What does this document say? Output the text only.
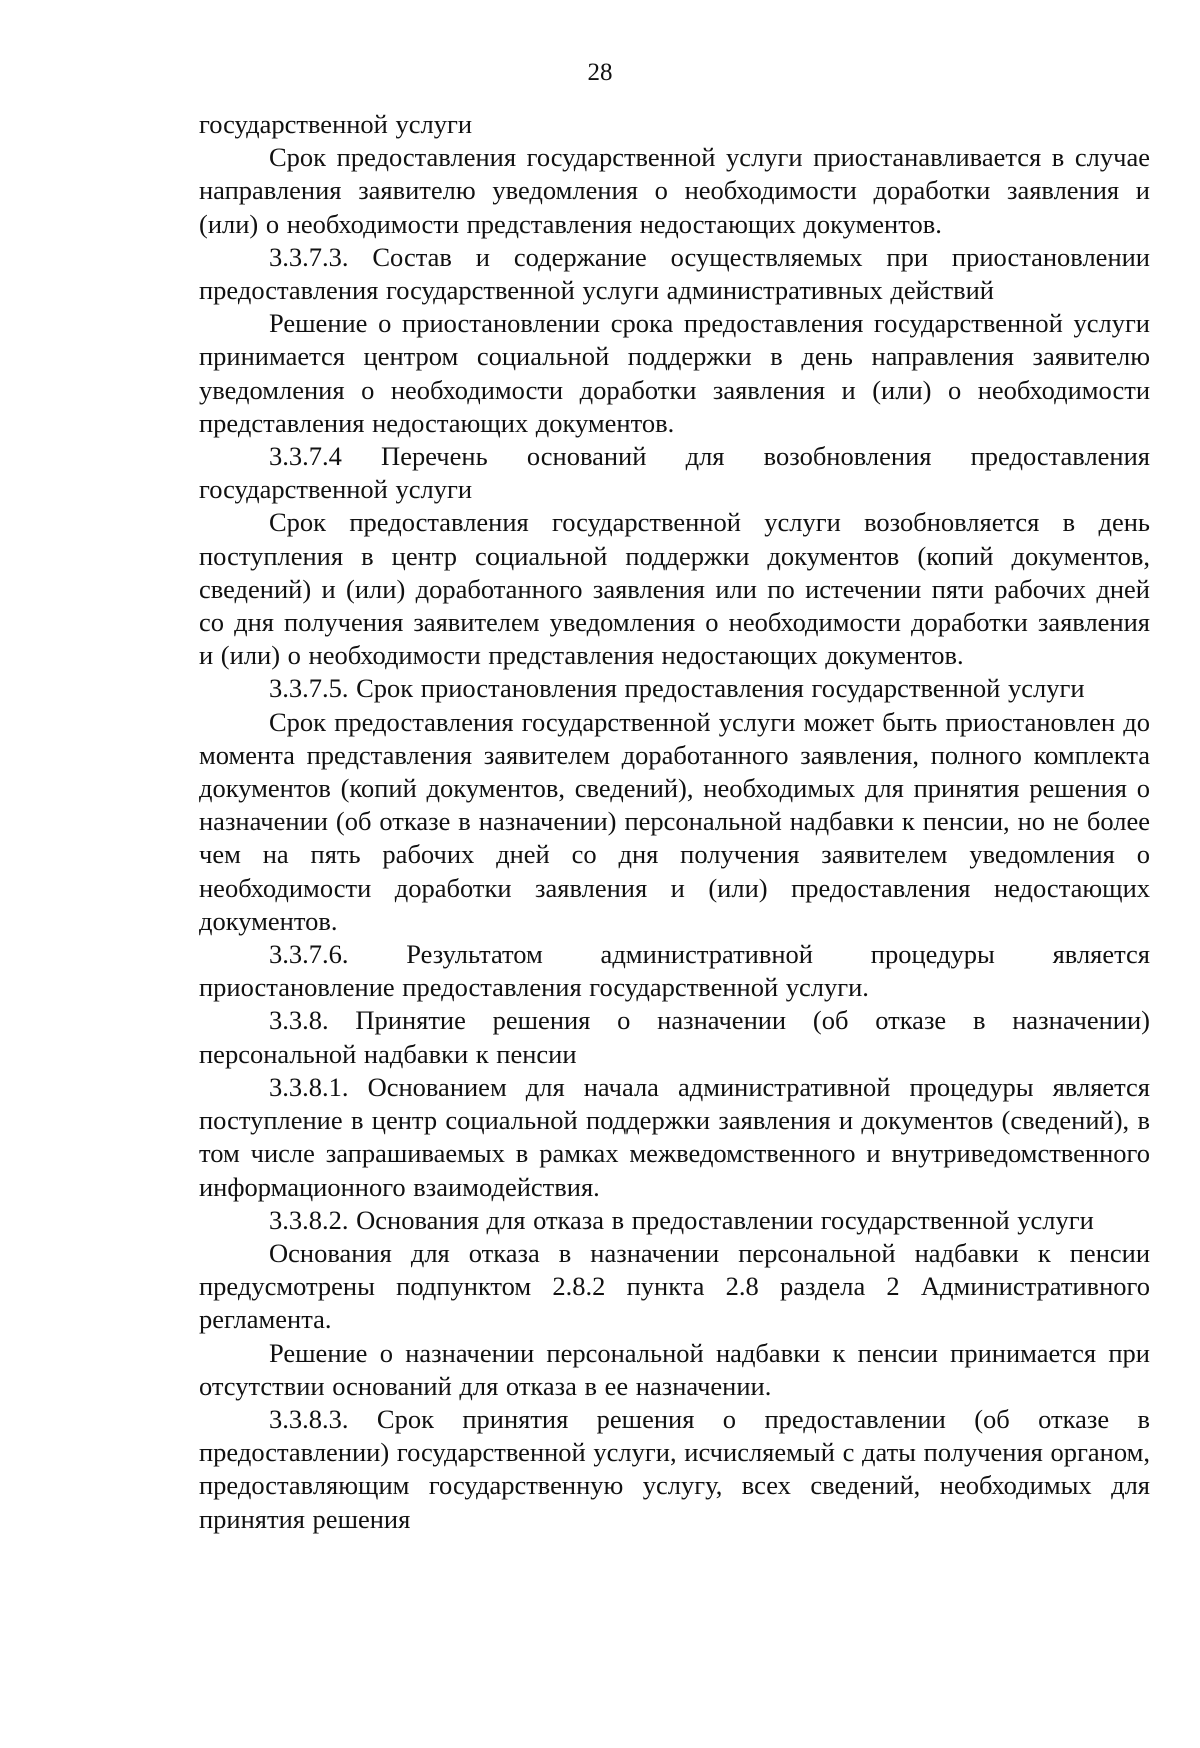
28

государственной услуги

Срок предоставления государственной услуги приостанавливается в случае направления заявителю уведомления о необходимости доработки заявления и (или) о необходимости представления недостающих документов.

3.3.7.3. Состав и содержание осуществляемых при приостановлении предоставления государственной услуги административных действий

Решение о приостановлении срока предоставления государственной услуги принимается центром социальной поддержки в день направления заявителю уведомления о необходимости доработки заявления и (или) о необходимости представления недостающих документов.

3.3.7.4 Перечень оснований для возобновления предоставления государственной услуги

Срок предоставления государственной услуги возобновляется в день поступления в центр социальной поддержки документов (копий документов, сведений) и (или) доработанного заявления или по истечении пяти рабочих дней со дня получения заявителем уведомления о необходимости доработки заявления и (или) о необходимости представления недостающих документов.

3.3.7.5. Срок приостановления предоставления государственной услуги

Срок предоставления государственной услуги может быть приостановлен до момента представления заявителем доработанного заявления, полного комплекта документов (копий документов, сведений), необходимых для принятия решения о назначении (об отказе в назначении) персональной надбавки к пенсии, но не более чем на пять рабочих дней со дня получения заявителем уведомления о необходимости доработки заявления и (или) предоставления недостающих документов.

3.3.7.6. Результатом административной процедуры является приостановление предоставления государственной услуги.

3.3.8. Принятие решения о назначении (об отказе в назначении) персональной надбавки к пенсии

3.3.8.1. Основанием для начала административной процедуры является поступление в центр социальной поддержки заявления и документов (сведений), в том числе запрашиваемых в рамках межведомственного и внутриведомственного информационного взаимодействия.

3.3.8.2. Основания для отказа в предоставлении государственной услуги

Основания для отказа в назначении персональной надбавки к пенсии предусмотрены подпунктом 2.8.2 пункта 2.8 раздела 2 Административного регламента.

Решение о назначении персональной надбавки к пенсии принимается при отсутствии оснований для отказа в ее назначении.

3.3.8.3. Срок принятия решения о предоставлении (об отказе в предоставлении) государственной услуги, исчисляемый с даты получения органом, предоставляющим государственную услугу, всех сведений, необходимых для принятия решения
